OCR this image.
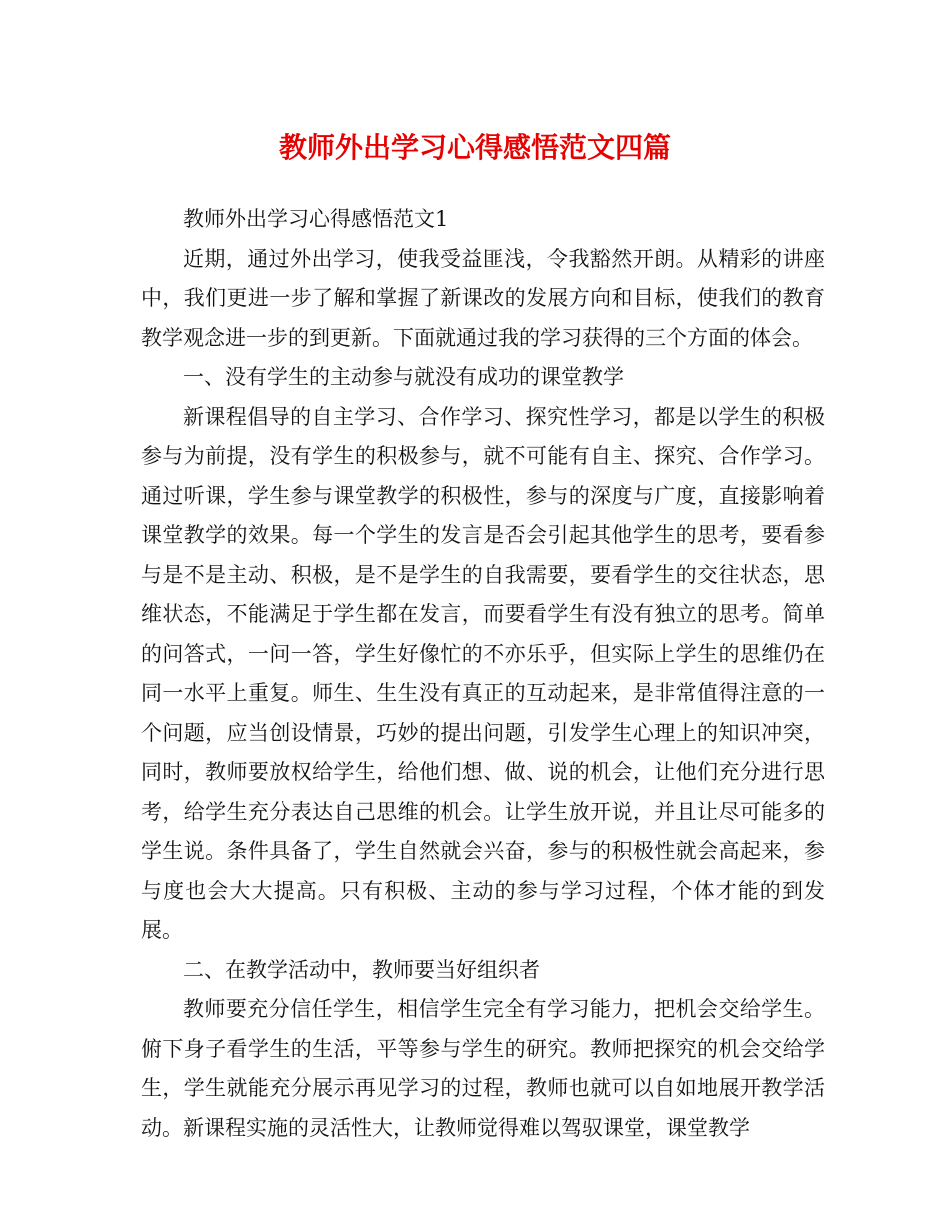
教师外出学习心得感悟范文四篇

教师外出学习心得感悟范文1

近期，通过外出学习，使我受益匪浅，令我豁然开朗。从精彩的讲座中，我们更进一步了解和掌握了新课改的发展方向和目标，使我们的教育教学观念进一步的到更新。下面就通过我的学习获得的三个方面的体会。

一、没有学生的主动参与就没有成功的课堂教学

新课程倡导的自主学习、合作学习、探究性学习，都是以学生的积极参与为前提，没有学生的积极参与，就不可能有自主、探究、合作学习。通过听课，学生参与课堂教学的积极性，参与的深度与广度，直接影响着课堂教学的效果。每一个学生的发言是否会引起其他学生的思考，要看参与是不是主动、积极，是不是学生的自我需要，要看学生的交往状态，思维状态，不能满足于学生都在发言，而要看学生有没有独立的思考。简单的问答式，一问一答，学生好像忙的不亦乐乎，但实际上学生的思维仍在同一水平上重复。师生、生生没有真正的互动起来，是非常值得注意的一个问题，应当创设情景，巧妙的提出问题，引发学生心理上的知识冲突，同时，教师要放权给学生，给他们想、做、说的机会，让他们充分进行思考，给学生充分表达自己思维的机会。让学生放开说，并且让尽可能多的学生说。条件具备了，学生自然就会兴奋，参与的积极性就会高起来，参与度也会大大提高。只有积极、主动的参与学习过程，个体才能的到发展。

二、在教学活动中，教师要当好组织者

教师要充分信任学生，相信学生完全有学习能力，把机会交给学生。俯下身子看学生的生活，平等参与学生的研究。教师把探究的机会交给学生，学生就能充分展示再见学习的过程，教师也就可以自如地展开教学活动。新课程实施的灵活性大，让教师觉得难以驾驭课堂，课堂教学
